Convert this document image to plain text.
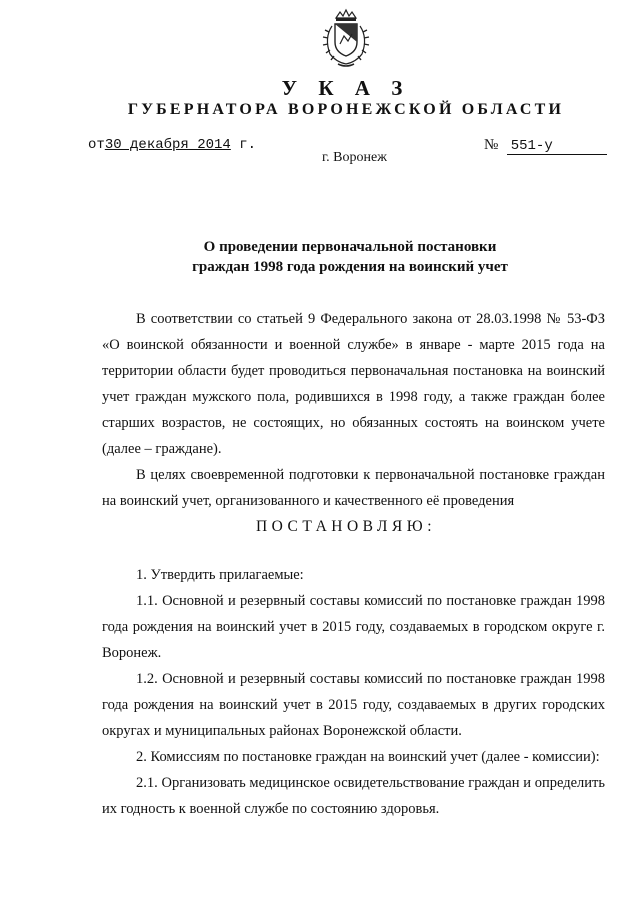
У К А З
ГУБЕРНАТОРА ВОРОНЕЖСКОЙ ОБЛАСТИ
от30 декабря 2014 г.	№ 551-у
г. Воронеж
О проведении первоначальной постановки
граждан 1998 года рождения на воинский учет
В соответствии со статьей 9 Федерального закона от 28.03.1998 № 53-ФЗ «О воинской обязанности и военной службе» в январе - марте 2015 года на территории области будет проводиться первоначальная постановка на воинский учет граждан мужского пола, родившихся в 1998 году, а также граждан более старших возрастов, не состоящих, но обязанных состоять на воинском учете (далее – граждане).
В целях своевременной подготовки к первоначальной постановке граждан на воинский учет, организованного и качественного её проведения
ПОСТАНОВЛЯЮ:
1. Утвердить прилагаемые:
1.1. Основной и резервный составы комиссий по постановке граждан 1998 года рождения на воинский учет в 2015 году, создаваемых в городском округе г. Воронеж.
1.2. Основной и резервный составы комиссий по постановке граждан 1998 года рождения на воинский учет в 2015 году, создаваемых в других городских округах и муниципальных районах Воронежской области.
2. Комиссиям по постановке граждан на воинский учет (далее - комиссии):
2.1. Организовать медицинское освидетельствование граждан и определить их годность к военной службе по состоянию здоровья.
